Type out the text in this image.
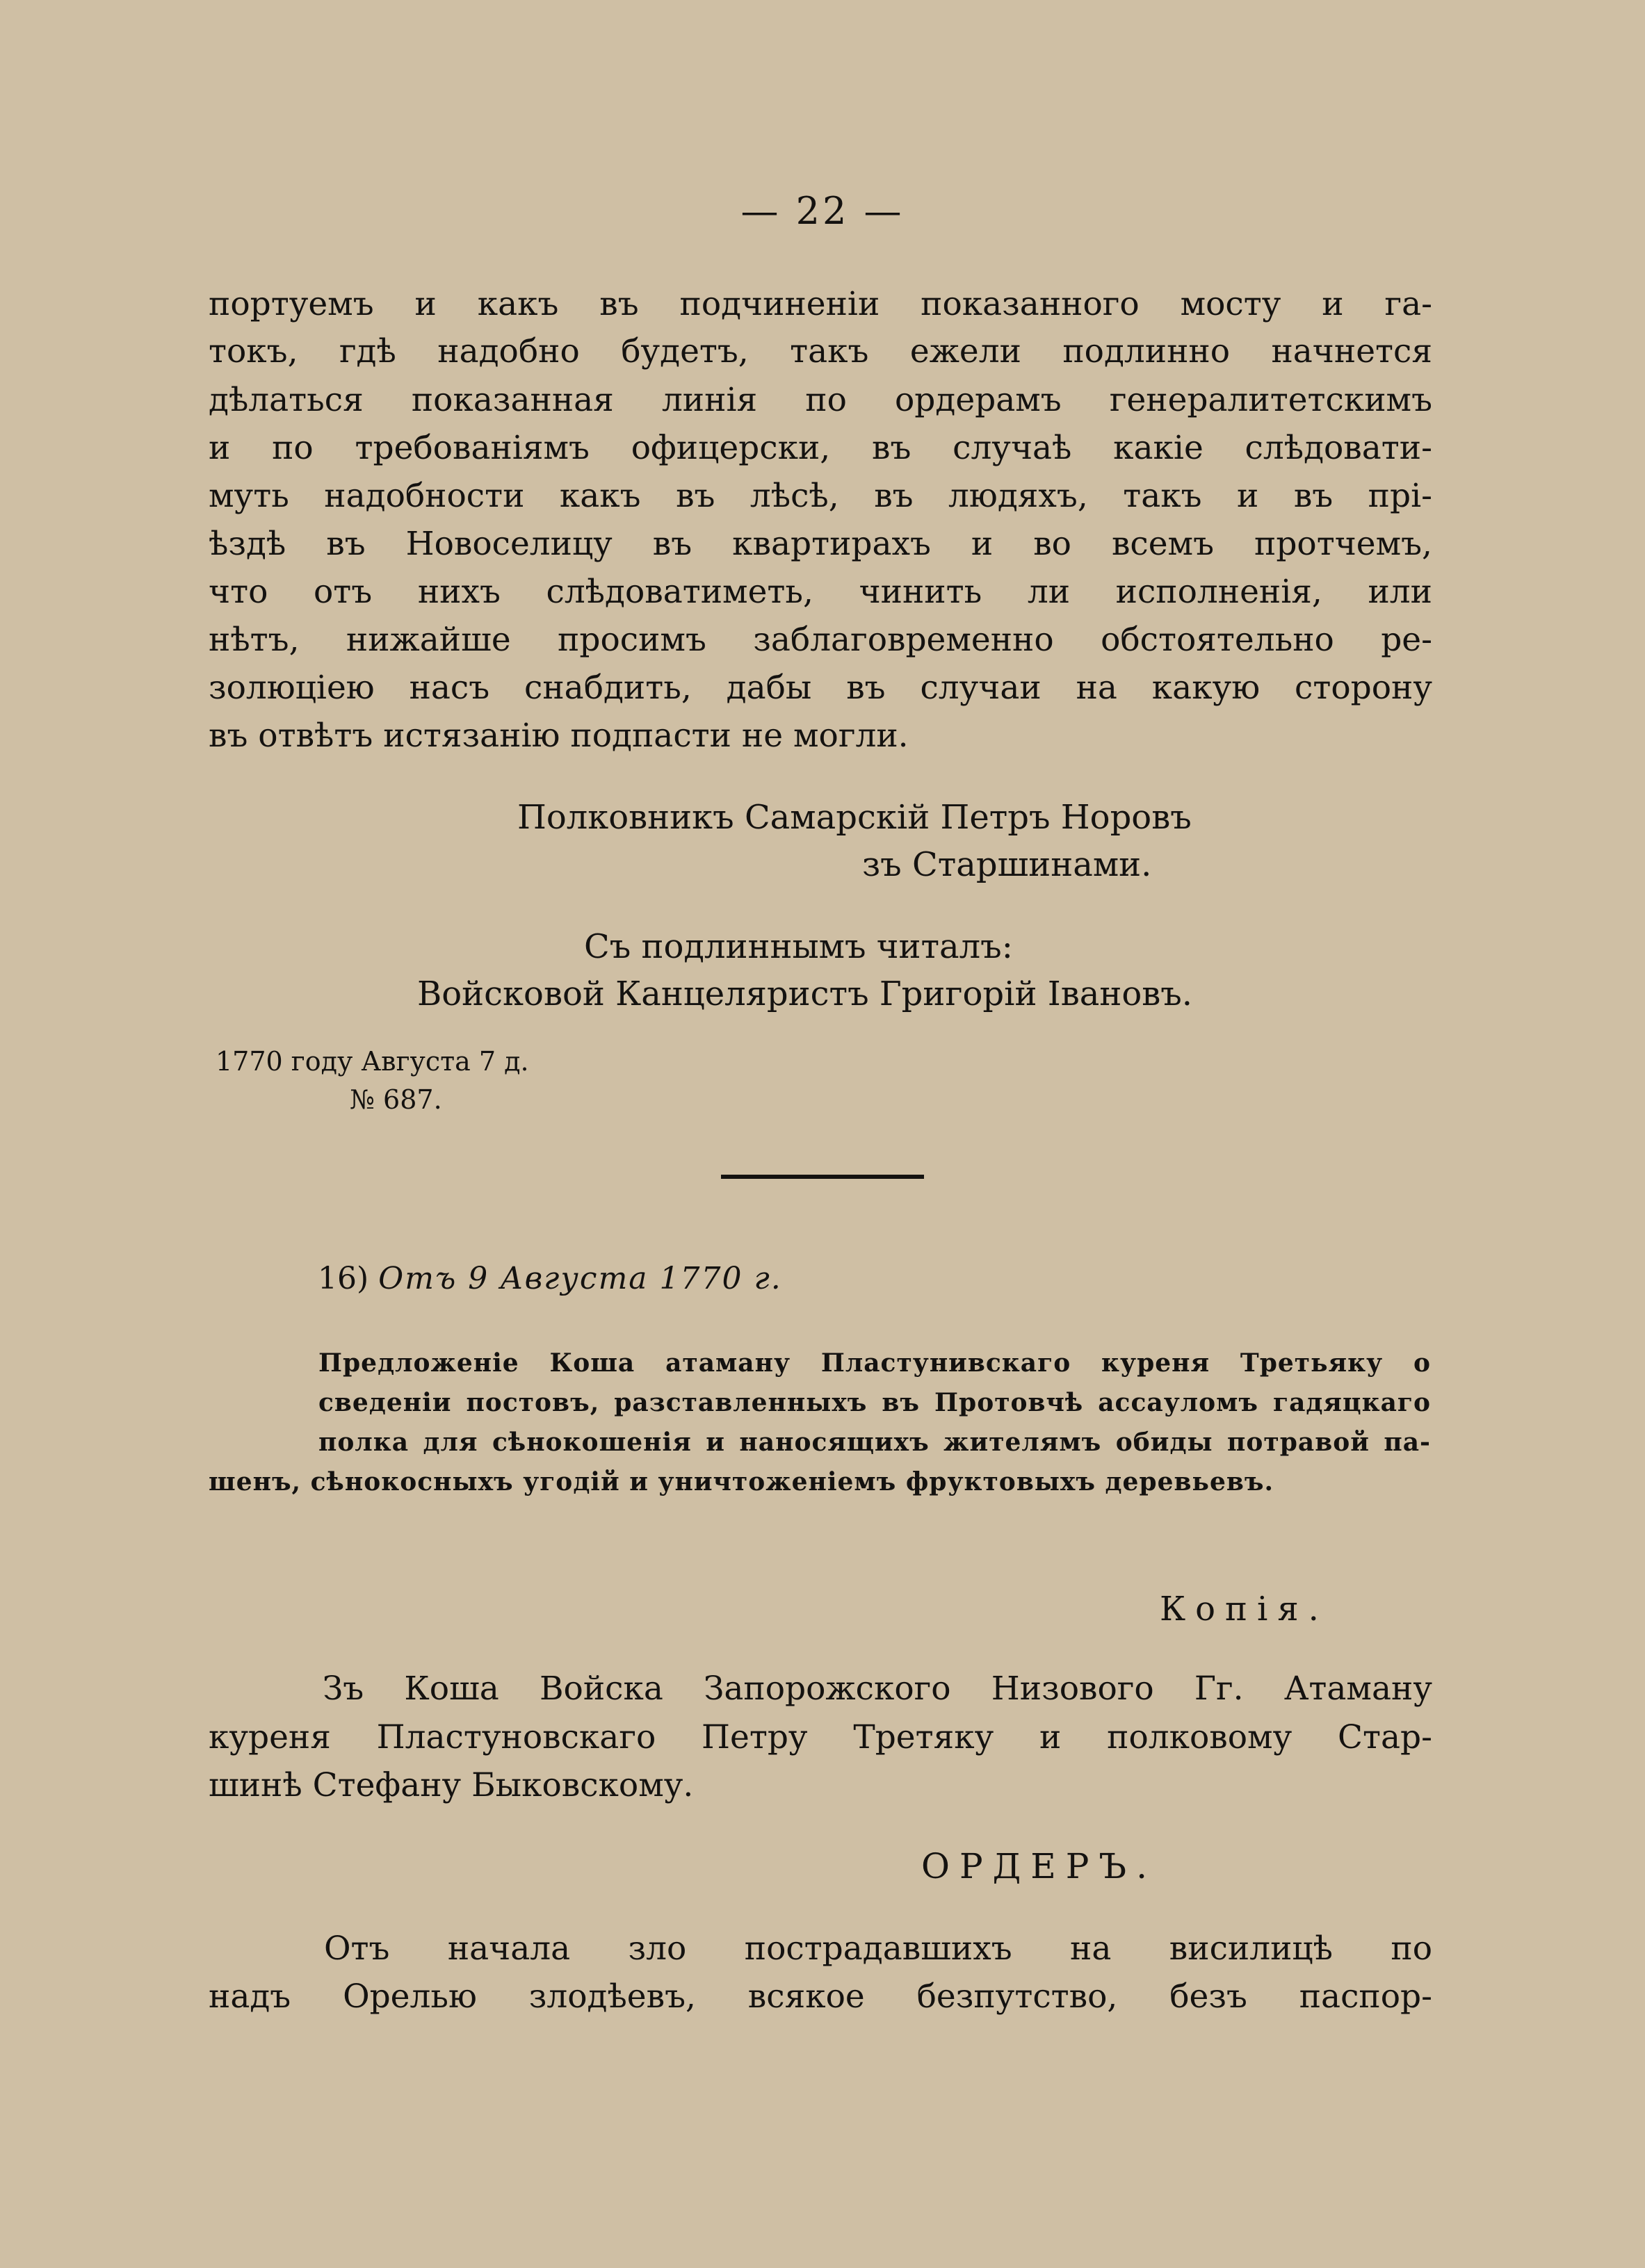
— 22 —
портуемъ и какъ въ подчиненіи показанного мосту и га-
токъ, гдѣ надобно будетъ, такъ ежели подлинно начнется
дѣлаться показанная линія по ордерамъ генералитетскимъ
и по требованіямъ офицерски, въ случаѣ какіе слѣдовати-
муть надобности какъ въ лѣсѣ, въ людяхъ, такъ и въ прі-
ѣздѣ въ Новоселицу въ квартирахъ и во всемъ протчемъ,
что отъ нихъ слѣдоватиметь, чинить ли исполненія, или
нѣтъ, нижайше просимъ заблаговременно обстоятельно ре-
золюціею насъ снабдить, дабы въ случаи на какую сторону
въ отвѣтъ истязанію подпасти не могли.
Полковникъ Самарскій Петръ Норовъ
зъ Старшинами.
Съ подлиннымъ читалъ:
Войсковой Канцеляристъ Григорій Івановъ.
1770 году Августа 7 д.
№ 687.
16) Отъ 9 Августа 1770 г.
Предложеніе Коша атаману Пластунивскаго куреня Третьяку о
сведеніи постовъ, разставленныхъ въ Протовчѣ ассауломъ гадяцкаго
полка для сѣнокошенія и наносящихъ жителямъ обиды потравой па-
шенъ, сѣнокосныхъ угодій и уничтоженіемъ фруктовыхъ деревьевъ.
Копія.
Зъ Коша Войска Запорожского Низового Гг. Атаману
куреня Пластуновскаго Петру Третяку и полковому Стар-
шинѣ Стефану Быковскому.
ОРДЕРЪ.
Отъ начала зло пострадавшихъ на висилицѣ по
надъ Орелью злодѣевъ, всякое безпутство, безъ паспор-
